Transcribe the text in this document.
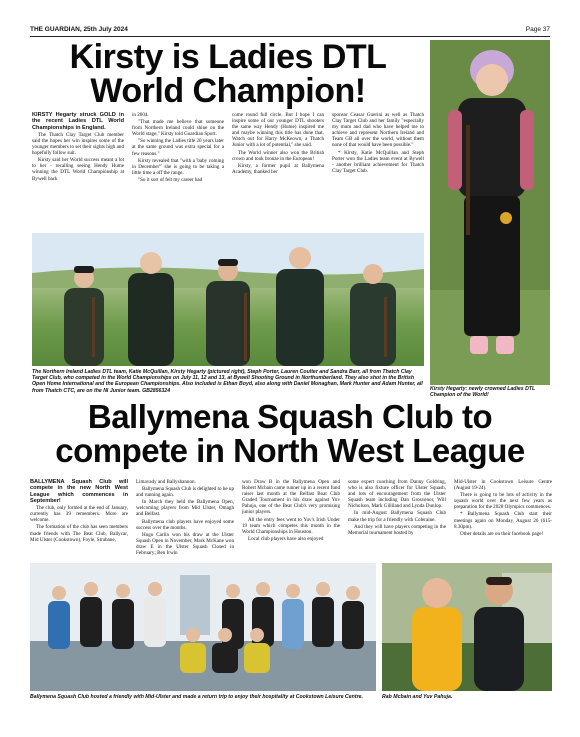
THE GUARDIAN, 25th July 2024	Page 37
Kirsty is Ladies DTL World Champion!

KIRSTY Hegarty struck GOLD in the recent Ladies DTL World Championships in England.

The Thatch Clay Target Club member said the hopes her win inspires some of the younger members to set their sights high and hopefully follow suit.

Kirsty said her World success meant a lot to her - recalling seeing Hendy Hume winning the DTL World Championship at Bywell back

in 2004.

"That made me believe that someone from Northern Ireland could shine on the World stage," Kirsty told Guardian Sport.

"So winning the Ladies title 20 years later at the same ground was extra special for a few reasons."

Kirsty revealed that "with a 'baby coming in December'" she is going to be taking a little time a off the range.

"So it sort of felt my career had

come round full circle. But I hope I can inspire some of our younger DTL shooters the same way Hendy (Hume) inspired me and maybe winning this title has done that. Watch out for Harry McKeown, a Thatch Junior with a lot of potential," she said.

The World winner also won the British crown and took bronze in the European!

Kirsty, a former pupil at Ballymena Academy, thanked her

sponsor Ceasar Guerini as well as Thatch Clay Target Club and her family "especially my mum and dad who have helped me to achieve and represent Northern Ireland and Team GB all over the world, without them none of that would have been possible."

* Kirsty, Katie McQuillan and Steph Porter won the Ladies team event at Bywell - another brilliant achievement for Thatch Clay Target Club.

The Northern Ireland Ladies DTL team, Katie McQuillan, Kirsty Hegarty (pictured right), Steph Porter, Lauren Coulter and Sandra Barr, all from Thatch Clay Target Club, who competed in the World Championships on July 11, 12 and 13, at Bywell Shooting Ground in Northumberland. They also shot in the British Open Home International and the European Championships. Also included is Ethan Boyd, also along with Daniel Monaghan, Mark Hunter and Adam Hunter, all from Thatch CTC, are on the NI Junior team. GB2856324	Kirsty Hegarty: newly crowned Ladies DTL Champion of the World!
Ballymena Squash Club to compete in North West League

BALLYMENA Squash Club will compete in the new North West League which commences in September!

The club, only formed at the end of January, currently has 39 remembers. More are welcome.

The formation of the club has seen members made friends with The Beat Club, Ballycar, Mid Ulster (Cookstown), Foyle, Strabane,

Limavady and Ballyshannon.

Ballymena Squash Club is delighted to be up and running again.

In March they held the Ballymena Open, welcoming players from Mid Ulster, Omagh and Belfast.

Ballymena club players have enjoyed some success over the months.

Hugo Carlin won his draw at the Ulster Squash Open in November, Mark McKane won draw E in the Ulster Squash Closed in February; Ben Irwin

won Draw B in the Ballymena Open and Robert Mcbain came runner up in a recent fund raiser last month at the Belfast Boat Club Graded Tournament in his draw against Yuv Pahuja, one of the Beat Club's very promising junior players.

All the entry fees went to Yuv's Irish Under 19 team which competes this month in the World Championships in Houston.

Local club players have also enjoyed

some expert coaching from Danny Goldring, who is also fixture officer for Ulster Squash, and lots of encouragement from the Ulster Squash team including Dan Grosvenor, Will Nicholson, Mark Gilliland and Lynda Dunlop.

In mid-August Ballymena Squash Club make the trip for a friendly with Coleraine.

And they will have players competing in the Memorial tournament hosted by

Mid-Ulster in Cookstown Leisure Centre (August 19-24).

There is going to be lots of activity in the squash world over the next few years as preparation for the 2028 Olympics commences.

* Ballymena Squash Club start their meetings again on Monday, August 26 (615-8.30pm).

Other details are on their facebook page!

Ballymena Squash Club hosted a friendly with Mid-Ulster and made a return trip to enjoy their hospitality at Cookstown Leisure Centre.	Rab Mcbain and Yuv Pahuja.
